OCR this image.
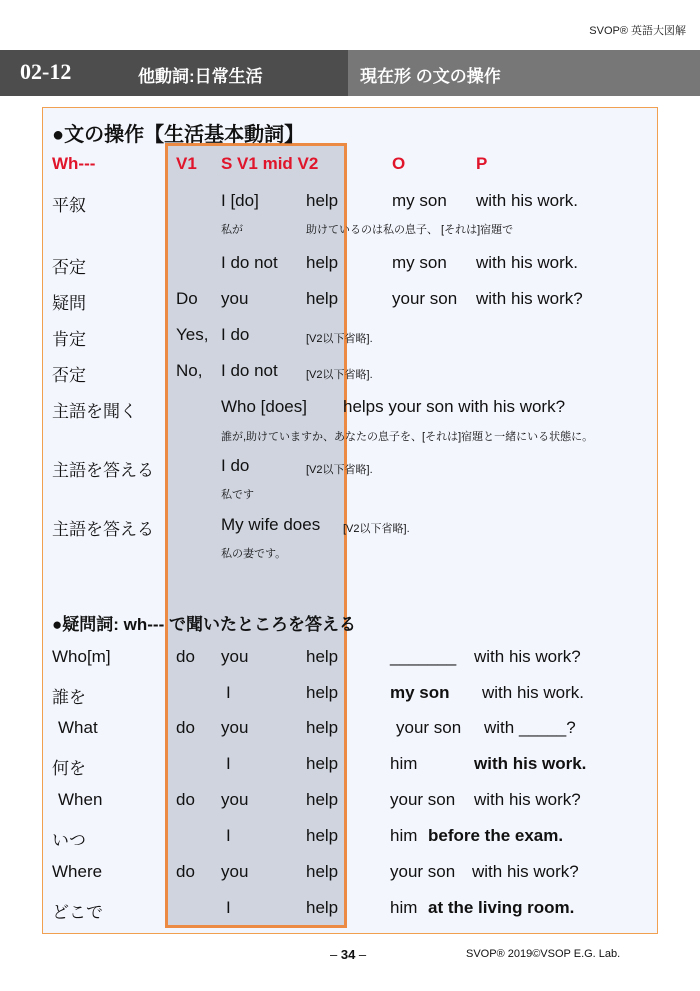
SVOP® 英語大図解
02-12	他動詞:日常生活	現在形 の文の操作
●文の操作【生活基本動詞】
Wh---	V1 S V1 mid V2	O	P
平叙	I [do]	help	my son with his work.
私が	助けているのは私の息子、 [それは]宿題で
否定	I do not help	my son with his work.
疑問	Do you	help	your son with his work?
肯定	Yes, I do	[V2以下省略].
否定	No, I do not	[V2以下省略].
主語を聞く	Who [does] helps your son with his work?
誰が,助けていますか、あなたの息子を、[それは]宿題と一緒にいる状態に。
主語を答える	I do	[V2以下省略].
私です
主語を答える	My wife does [V2以下省略].
私の妻です。
●疑問詞: wh--- で聞いたところを答える
Who[m]	do you	help	_______ with his work?
誰を	I	help	my son with his work.
What	do you	help	your son with _____?
何を	I	help	him	with his work.
When	do you	help	your son with his work?
いつ	I	help	him before the exam.
Where	do you	help	your son with his work?
どこで	I	help	him at the living room.
– 34 –	SVOP® 2019©VSOP E.G. Lab.
